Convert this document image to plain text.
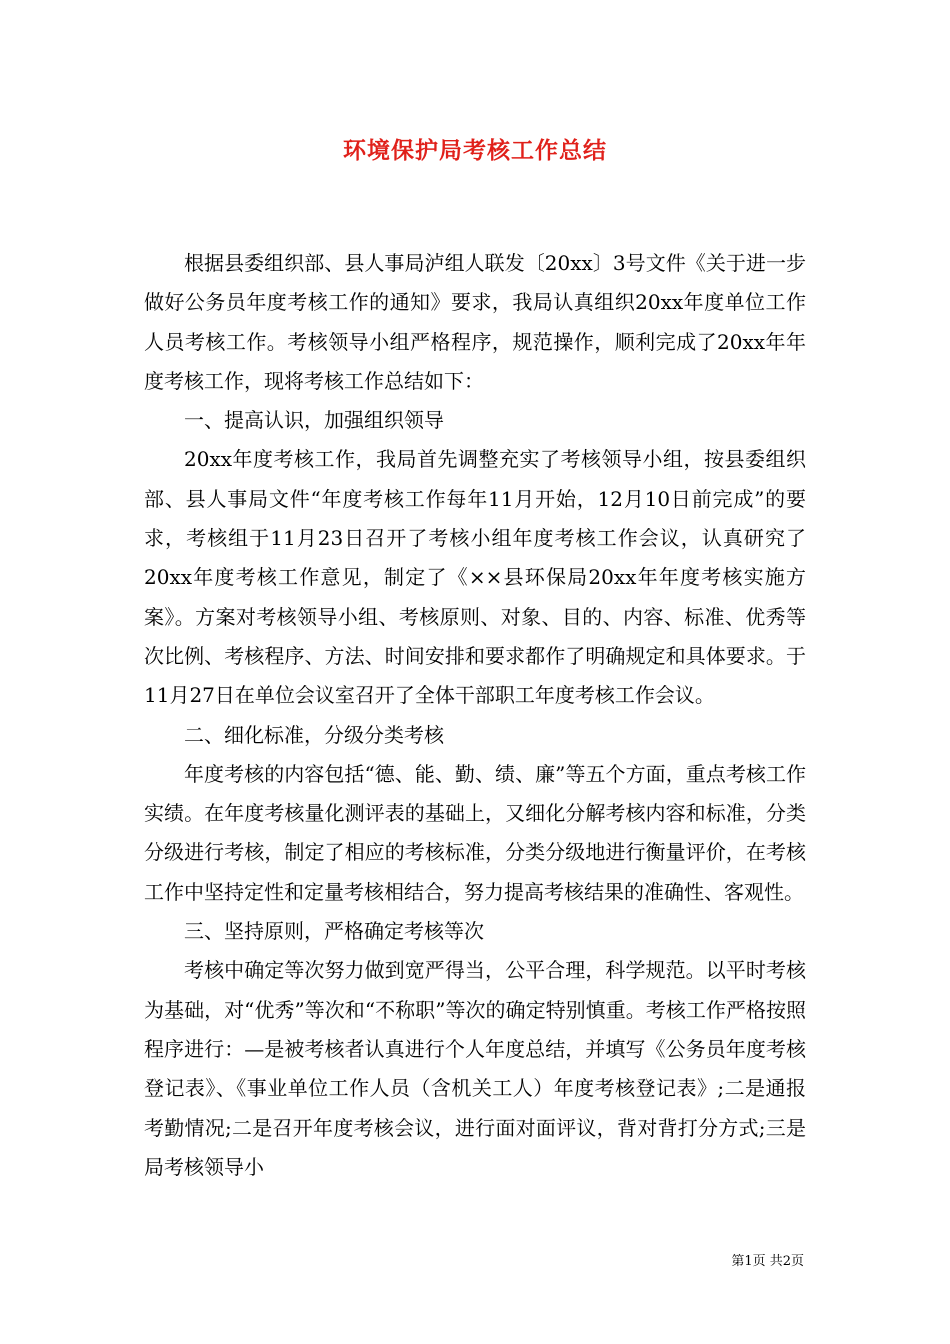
环境保护局考核工作总结

根据县委组织部、县人事局泸组人联发〔20xx〕3号文件《关于进一步做好公务员年度考核工作的通知》要求，我局认真组织20xx年度单位工作人员考核工作。考核领导小组严格程序，规范操作，顺利完成了20xx年年度考核工作，现将考核工作总结如下：

一、提高认识，加强组织领导

20xx年度考核工作，我局首先调整充实了考核领导小组，按县委组织部、县人事局文件“年度考核工作每年11月开始，12月10日前完成”的要求，考核组于11月23日召开了考核小组年度考核工作会议，认真研究了20xx年度考核工作意见，制定了《××县环保局20xx年年度考核实施方案》。方案对考核领导小组、考核原则、对象、目的、内容、标准、优秀等次比例、考核程序、方法、时间安排和要求都作了明确规定和具体要求。于11月27日在单位会议室召开了全体干部职工年度考核工作会议。

二、细化标准，分级分类考核

年度考核的内容包括“德、能、勤、绩、廉”等五个方面，重点考核工作实绩。在年度考核量化测评表的基础上，又细化分解考核内容和标准，分类分级进行考核，制定了相应的考核标准，分类分级地进行衡量评价，在考核工作中坚持定性和定量考核相结合，努力提高考核结果的准确性、客观性。

三、坚持原则，严格确定考核等次

考核中确定等次努力做到宽严得当，公平合理，科学规范。以平时考核为基础，对“优秀”等次和“不称职”等次的确定特别慎重。考核工作严格按照程序进行：—是被考核者认真进行个人年度总结，并填写《公务员年度考核登记表》、《事业单位工作人员（含机关工人）年度考核登记表》;二是通报考勤情况;二是召开年度考核会议，进行面对面评议，背对背打分方式;三是局考核领导小

第1页 共2页
